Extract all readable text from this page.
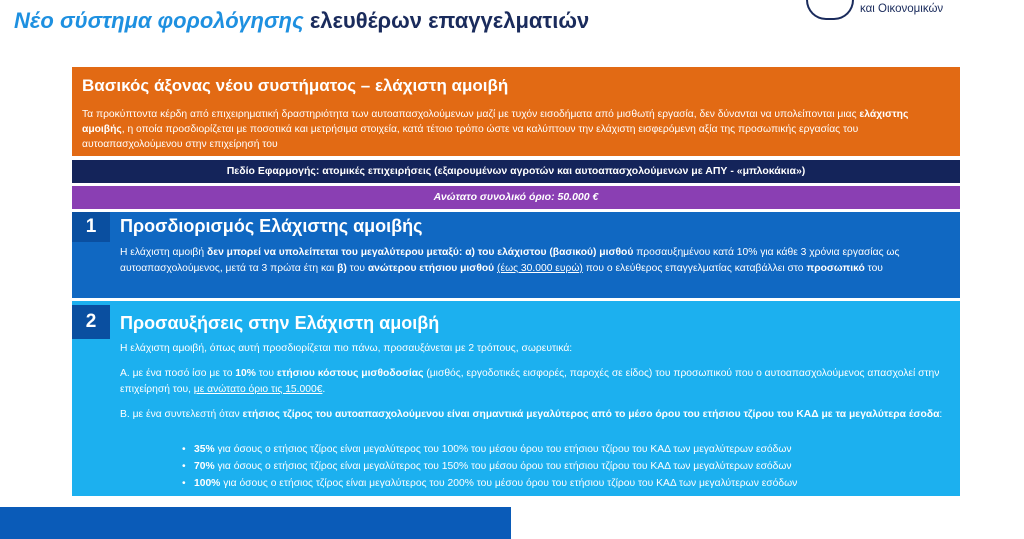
Νέο σύστημα φορολόγησης ελευθέρων επαγγελματιών	και Οικονομικών
Βασικός άξονας νέου συστήματος – ελάχιστη αμοιβή
Τα προκύπτοντα κέρδη από επιχειρηματική δραστηριότητα των αυτοαπασχολούμενων μαζί με τυχόν εισοδήματα από μισθωτή εργασία, δεν δύνανται να υπολείπονται μιας ελάχιστης αμοιβής, η οποία προσδιορίζεται με ποσοτικά και μετρήσιμα στοιχεία, κατά τέτοιο τρόπο ώστε να καλύπτουν την ελάχιστη εισφερόμενη αξία της προσωπικής εργασίας του αυτοαπασχολούμενου στην επιχείρησή του
Πεδίο Εφαρμογής: ατομικές επιχειρήσεις (εξαιρουμένων αγροτών και αυτοαπασχολούμενων με ΑΠΥ - «μπλοκάκια»)
Ανώτατο συνολικό όριο: 50.000 €
1	Προσδιορισμός Ελάχιστης αμοιβής
Η ελάχιστη αμοιβή δεν μπορεί να υπολείπεται του μεγαλύτερου μεταξύ: α) του ελάχιστου (βασικού) μισθού προσαυξημένου κατά 10% για κάθε 3 χρόνια εργασίας ως αυτοαπασχολούμενος, μετά τα 3 πρώτα έτη και β) του ανώτερου ετήσιου μισθού (έως 30.000 ευρώ) που ο ελεύθερος επαγγελματίας καταβάλλει στο προσωπικό του
2	Προσαυξήσεις στην Ελάχιστη αμοιβή
Η ελάχιστη αμοιβή, όπως αυτή προσδιορίζεται πιο πάνω, προσαυξάνεται με 2 τρόπους, σωρευτικά:
Α. με ένα ποσό ίσο με το 10% του ετήσιου κόστους μισθοδοσίας (μισθός, εργοδοτικές εισφορές, παροχές σε είδος) του προσωπικού που ο αυτοαπασχολούμενος απασχολεί στην επιχείρησή του, με ανώτατο όριο τις 15.000€.
Β. με ένα συντελεστή όταν ετήσιος τζίρος του αυτοαπασχολούμενου είναι σημαντικά μεγαλύτερος από το μέσο όρου του ετήσιου τζίρου του ΚΑΔ με τα μεγαλύτερα έσοδα:
• 35% για όσους ο ετήσιος τζίρος είναι μεγαλύτερος του 100% του μέσου όρου του ετήσιου τζίρου του ΚΑΔ των μεγαλύτερων εσόδων
• 70% για όσους ο ετήσιος τζίρος είναι μεγαλύτερος του 150% του μέσου όρου του ετήσιου τζίρου του ΚΑΔ των μεγαλύτερων εσόδων
• 100% για όσους ο ετήσιος τζίρος είναι μεγαλύτερος του 200% του μέσου όρου του ετήσιου τζίρου του ΚΑΔ των μεγαλύτερων εσόδων
